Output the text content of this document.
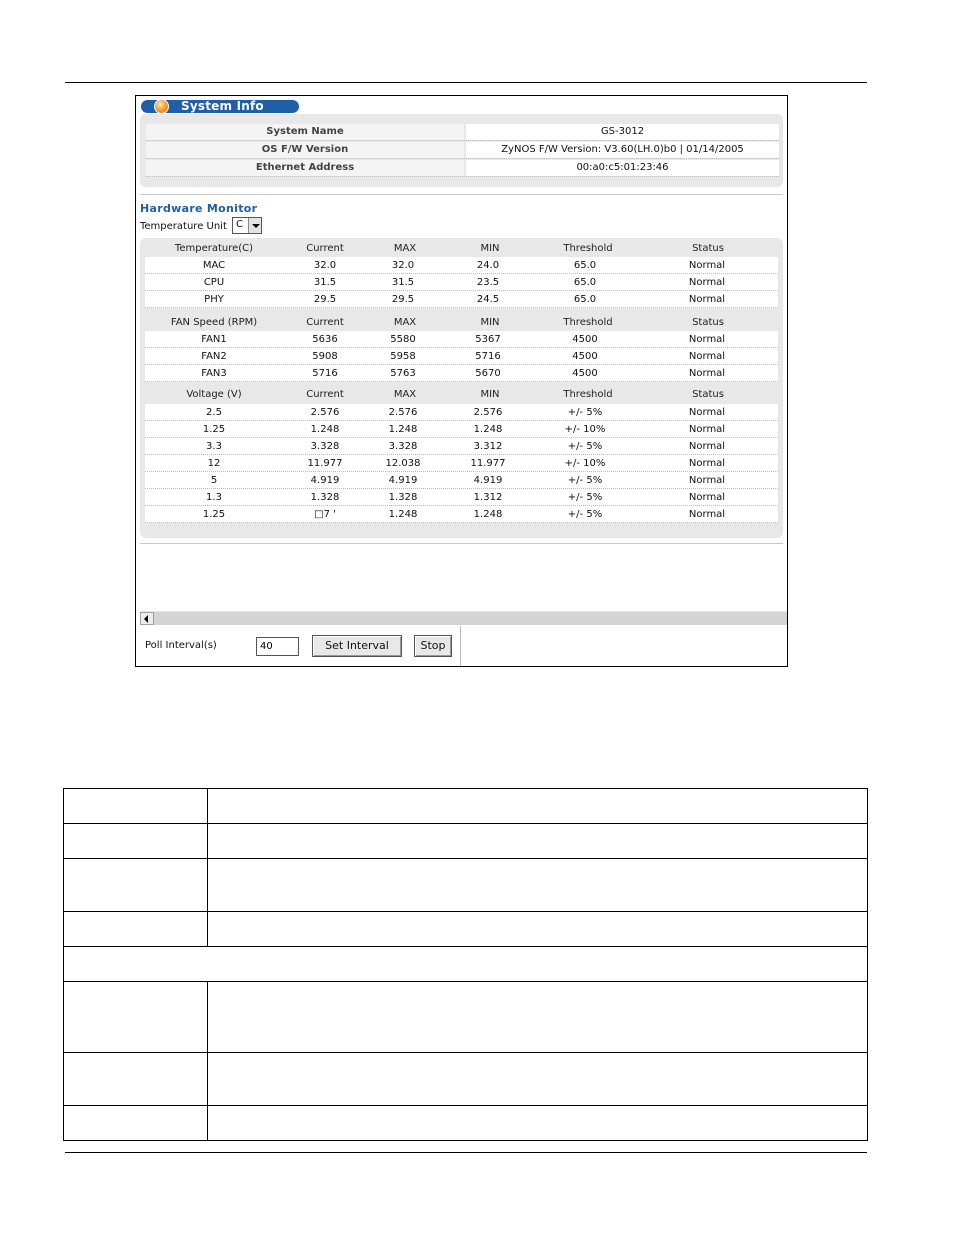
System Info
System Name	GS-3012
OS F/W Version	ZyNOS F/W Version: V3.60(LH.0)b0 | 01/14/2005
Ethernet Address	00:a0:c5:01:23:46
Hardware Monitor
Temperature Unit C
Temperature(C)	Current	MAX	MIN	Threshold	Status
MAC	32.0	32.0	24.0	65.0	Normal
CPU	31.5	31.5	23.5	65.0	Normal
PHY	29.5	29.5	24.5	65.0	Normal
FAN Speed (RPM)	Current	MAX	MIN	Threshold	Status
FAN1	5636	5580	5367	4500	Normal
FAN2	5908	5958	5716	4500	Normal
FAN3	5716	5763	5670	4500	Normal
Voltage (V)	Current	MAX	MIN	Threshold	Status
2.5	2.576	2.576	2.576	+/- 5%	Normal
1.25	1.248	1.248	1.248	+/- 10%	Normal
3.3	3.328	3.328	3.312	+/- 5%	Normal
12	11.977	12.038	11.977	+/- 10%	Normal
5	4.919	4.919	4.919	+/- 5%	Normal
1.3	1.328	1.328	1.312	+/- 5%	Normal
1.25	□7 '	1.248	1.248	+/- 5%	Normal
Poll Interval(s)
40	Set Interval	Stop
